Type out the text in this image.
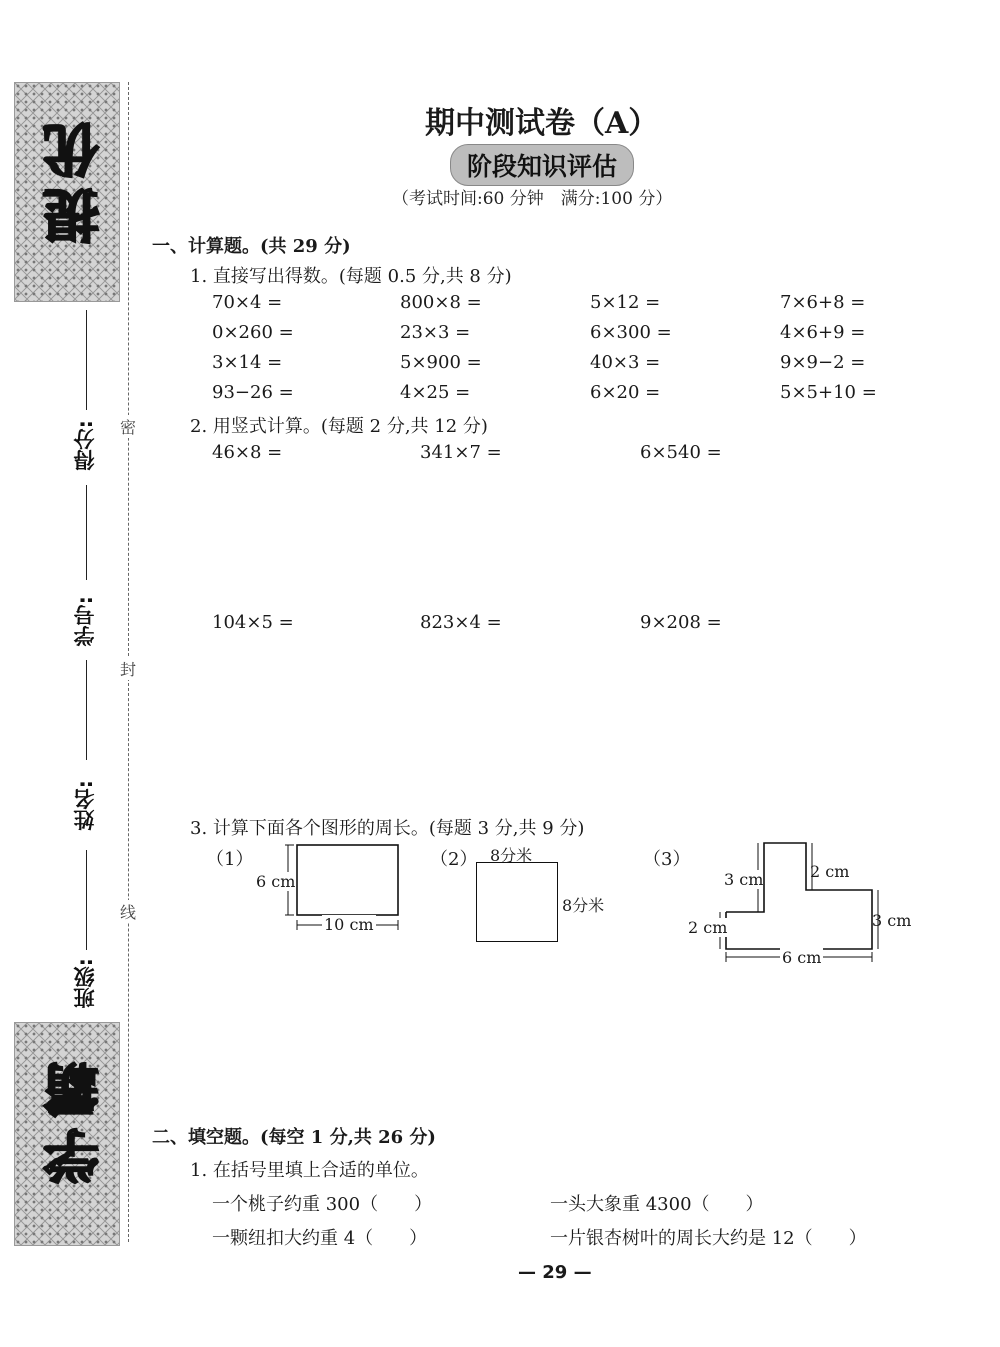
提优
学霸
得分:
学号:
姓名:
班级:
密
封
线
期中测试卷（A）
阶段知识评估
（考试时间:60 分钟　满分:100 分）
一、计算题。(共 29 分)
1. 直接写出得数。(每题 0.5 分,共 8 分)
70×4 =	800×8 =	5×12 =	7×6+8 =
0×260 =	23×3 =	6×300 =	4×6+9 =
3×14 =	5×900 =	40×3 =	9×9−2 =
93−26 =	4×25 =	6×20 =	5×5+10 =
2. 用竖式计算。(每题 2 分,共 12 分)
46×8 =	341×7 =	6×540 =
104×5 =	823×4 =	9×208 =
3. 计算下面各个图形的周长。(每题 3 分,共 9 分)
（1）
6 cm
10 cm
（2） 8分米
8分米
（3）
3 cm	2 cm
2 cm	3 cm
6 cm
二、填空题。(每空 1 分,共 26 分)
1. 在括号里填上合适的单位。
一个桃子约重 300（　　）	一头大象重 4300（　　）
一颗纽扣大约重 4（　　）	一片银杏树叶的周长大约是 12（　　）
— 29 —
